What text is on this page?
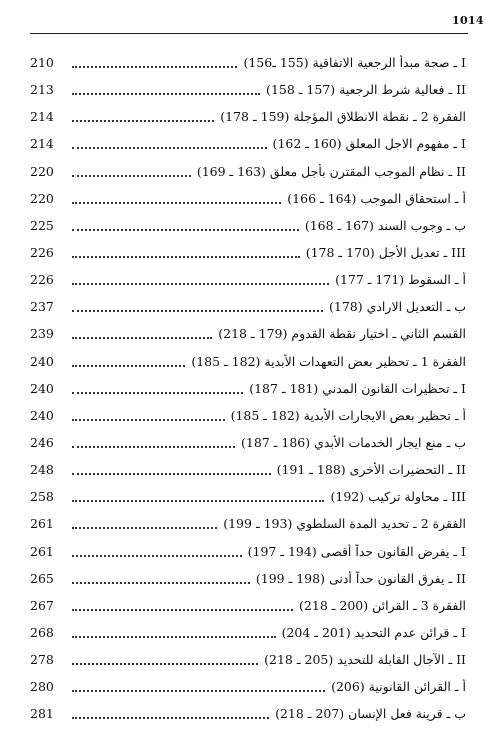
1014
210	I ـ صحة مبدأ الرجعية الاتفاقية (155 ـ156)
213	II ـ فعالية شرط الرجعية (157 ـ 158)
214	الفقرة 2 ـ نقطة الانطلاق المؤجلة (159 ـ 178)
214	I ـ مفهوم الاجل المعلق (160 ـ 162)
220	II ـ نظام الموجب المقترن بأجل معلق (163 ـ 169)
220	أ ـ استحقاق الموجب (164 ـ 166)
225	ب ـ وجوب السند (167 ـ 168)
226	III ـ تعديل الأجل (170 ـ 178)
226	أ ـ السقوط (171 ـ 177)
237	ب ـ التعديل الارادي (178)
239	القسم الثاني ـ اختيار نقطة القدوم (179 ـ 218)
240	الفقرة 1 ـ تحظير بعض التعهدات الأبدية (182 ـ 185)
240	I ـ تحظيرات القانون المدني (181 ـ 187)
240	أ ـ تحظير بعض الايجارات الأبدية (182 ـ 185)
246	ب ـ منع ايجار الخدمات الأبدي (186 ـ 187)
248	II ـ التحضيرات الأخرى (188 ـ 191)
258	III ـ محاولة تركيب (192)
261	الفقرة 2 ـ تحديد المدة السلطوي (193 ـ 199)
261	I ـ يفرض القانون حداً أقصى (194 ـ 197)
265	II ـ يفرق القانون حداً أدنى (198 ـ 199)
267	الفقرة 3 ـ القرائن (200 ـ 218)
268	I ـ قرائن عدم التحديد (201 ـ 204)
278	II ـ الآجال القابلة للتحديد (205 ـ 218)
280	أ ـ القرائن القانونية (206)
281	ب ـ قرينة فعل الإنسان (207 ـ 218)
